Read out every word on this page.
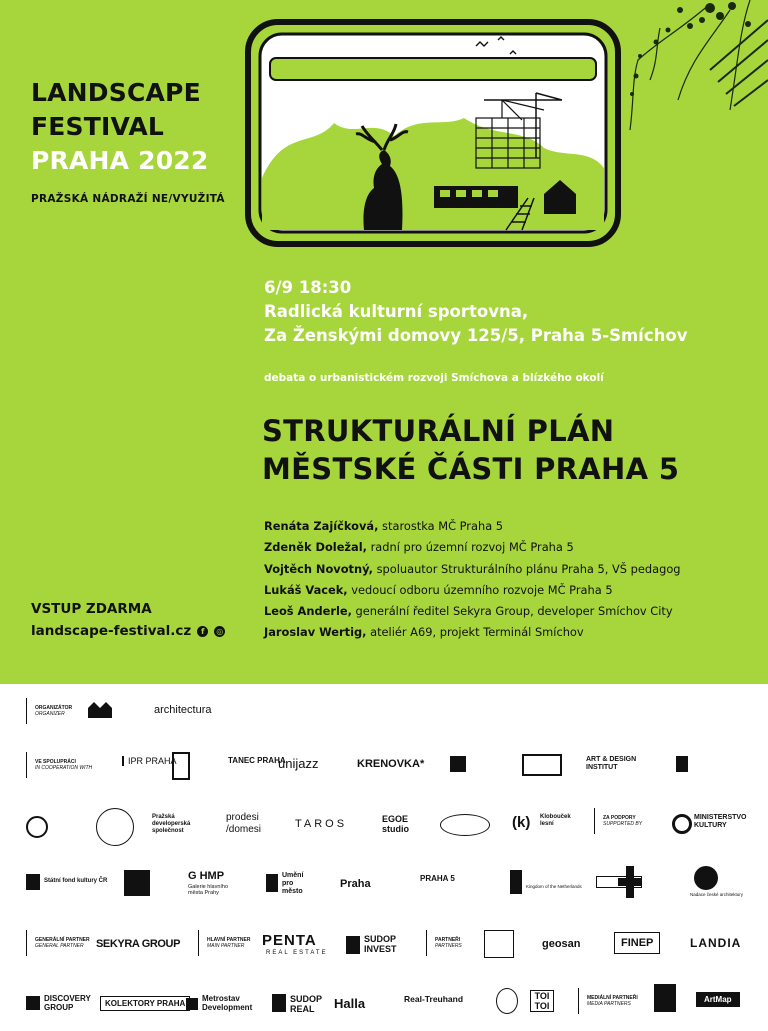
LANDSCAPE
FESTIVAL
PRAHA 2022
PRAŽSKÁ NÁDRAŽÍ NE/VYUŽITÁ
6/9 18:30
Radlická kulturní sportovna,
Za Ženskými domovy 125/5, Praha 5-Smíchov
debata o urbanistickém rozvoji Smíchova a blízkého okolí
STRUKTURÁLNÍ PLÁN
MĚSTSKÉ ČÁSTI PRAHA 5
Renáta Zajíčková, starostka MČ Praha 5
Zdeněk Doležal, radní pro územní rozvoj MČ Praha 5
Vojtěch Novotný, spoluautor Strukturálního plánu Praha 5, VŠ pedagog
Lukáš Vacek, vedoucí odboru územního rozvoje MČ Praha 5
Leoš Anderle, generální ředitel Sekyra Group, developer Smíchov City
Jaroslav Wertig, ateliér A69, projekt Terminál Smíchov
VSTUP ZDARMA
landscape-festival.cz	f	◎
ORGANIZÁTOR
ORGANIZER	architectura
VE SPOLUPRÁCI
IN COOPERATION WITH
IPR PRAHA	TANEC PRAHA
unijazz	KRENOVKA*	ART & DESIGN INSTITUT
Pražská developerská společnost
prodesi /domesi	TAROS	EGOE studio	(k) Klobouček lesní
ZA PODPORY
SUPPORTED BY
MINISTERSTVO KULTURY
Státní fond kultury ČR	G HMP
Galerie hlavního města Prahy
Umění pro město
Praha	PRAHA 5
Kingdom of the Netherlands
Nadace české architektury
GENERÁLNÍ PARTNER
GENERAL PARTNER	SEKYRA GROUP	HLAVNÍ PARTNER
MAIN PARTNER	PENTA
REAL ESTATE
SUDOP INVEST
PARTNEŘI
PARTNERS	geosan	FINEP	LANDIA
DISCOVERY GROUP	KOLEKTORY PRAHA
Metrostav Development
SUDOP REAL	Halla	Real-Treuhand	TOI TOI
MEDIÁLNÍ PARTNEŘI
MEDIA PARTNERS	ArtMap
